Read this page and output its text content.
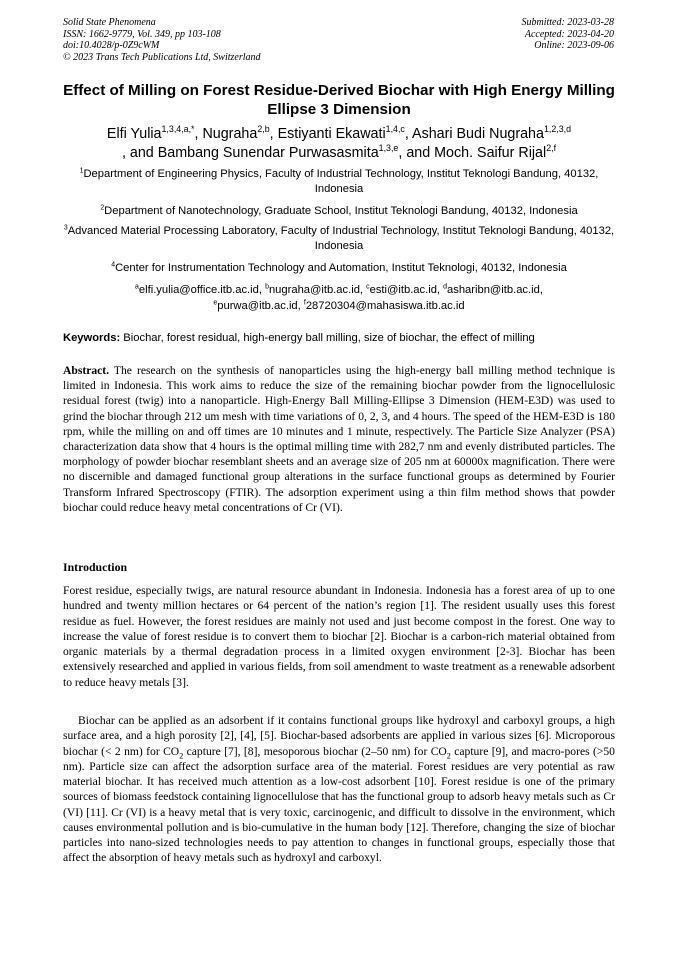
Solid State Phenomena
ISSN: 1662-9779, Vol. 349, pp 103-108
doi:10.4028/p-0Z9cWM
© 2023 Trans Tech Publications Ltd, Switzerland
Submitted: 2023-03-28
Accepted: 2023-04-20
Online: 2023-09-06
Effect of Milling on Forest Residue-Derived Biochar with High Energy Milling Ellipse 3 Dimension
Elfi Yulia$^{1,3,4,a,*}$, Nugraha$^{2,b}$, Estiyanti Ekawati$^{1,4,c}$, Ashari Budi Nugraha$^{1,2,3,d}$
, and Bambang Sunendar Purwasasmita$^{1,3,e}$, and Moch. Saifur Rijal$^{2,f}$
$^1$Department of Engineering Physics, Faculty of Industrial Technology, Institut Teknologi Bandung, 40132, Indonesia
$^2$Department of Nanotechnology, Graduate School, Institut Teknologi Bandung, 40132, Indonesia
$^3$Advanced Material Processing Laboratory, Faculty of Industrial Technology, Institut Teknologi Bandung, 40132, Indonesia
$^4$Center for Instrumentation Technology and Automation, Institut Teknologi, 40132, Indonesia
$^a$elfi.yulia@office.itb.ac.id, $^b$nugraha@itb.ac.id, $^c$esti@itb.ac.id, $^d$asharibn@itb.ac.id,
$^e$purwa@itb.ac.id, $^f$28720304@mahasiswa.itb.ac.id
Keywords: Biochar, forest residual, high-energy ball milling, size of biochar, the effect of milling
Abstract. The research on the synthesis of nanoparticles using the high-energy ball milling method technique is limited in Indonesia. This work aims to reduce the size of the remaining biochar powder from the lignocellulosic residual forest (twig) into a nanoparticle. High-Energy Ball Milling-Ellipse 3 Dimension (HEM-E3D) was used to grind the biochar through 212 um mesh with time variations of 0, 2, 3, and 4 hours. The speed of the HEM-E3D is 180 rpm, while the milling on and off times are 10 minutes and 1 minute, respectively. The Particle Size Analyzer (PSA) characterization data show that 4 hours is the optimal milling time with 282,7 nm and evenly distributed particles. The morphology of powder biochar resemblant sheets and an average size of 205 nm at 60000x magnification. There were no discernible and damaged functional group alterations in the surface functional groups as determined by Fourier Transform Infrared Spectroscopy (FTIR). The adsorption experiment using a thin film method shows that powder biochar could reduce heavy metal concentrations of Cr (VI).
Introduction
Forest residue, especially twigs, are natural resource abundant in Indonesia. Indonesia has a forest area of up to one hundred and twenty million hectares or 64 percent of the nation’s region [1]. The resident usually uses this forest residue as fuel. However, the forest residues are mainly not used and just become compost in the forest. One way to increase the value of forest residue is to convert them to biochar [2]. Biochar is a carbon-rich material obtained from organic materials by a thermal degradation process in a limited oxygen environment [2-3]. Biochar has been extensively researched and applied in various fields, from soil amendment to waste treatment as a renewable adsorbent to reduce heavy metals [3].
Biochar can be applied as an adsorbent if it contains functional groups like hydroxyl and carboxyl groups, a high surface area, and a high porosity [2], [4], [5]. Biochar-based adsorbents are applied in various sizes [6]. Microporous biochar (< 2 nm) for $CO_2$ capture [7], [8], mesoporous biochar (2–50 nm) for $CO_2$ capture [9], and macro-pores (>50 nm). Particle size can affect the adsorption surface area of the material. Forest residues are very potential as raw material biochar. It has received much attention as a low-cost adsorbent [10]. Forest residue is one of the primary sources of biomass feedstock containing lignocellulose that has the functional group to adsorb heavy metals such as Cr (VI) [11]. Cr (VI) is a heavy metal that is very toxic, carcinogenic, and difficult to dissolve in the environment, which causes environmental pollution and is bio-cumulative in the human body [12]. Therefore, changing the size of biochar particles into nano-sized technologies needs to pay attention to changes in functional groups, especially those that affect the absorption of heavy metals such as hydroxyl and carboxyl.
